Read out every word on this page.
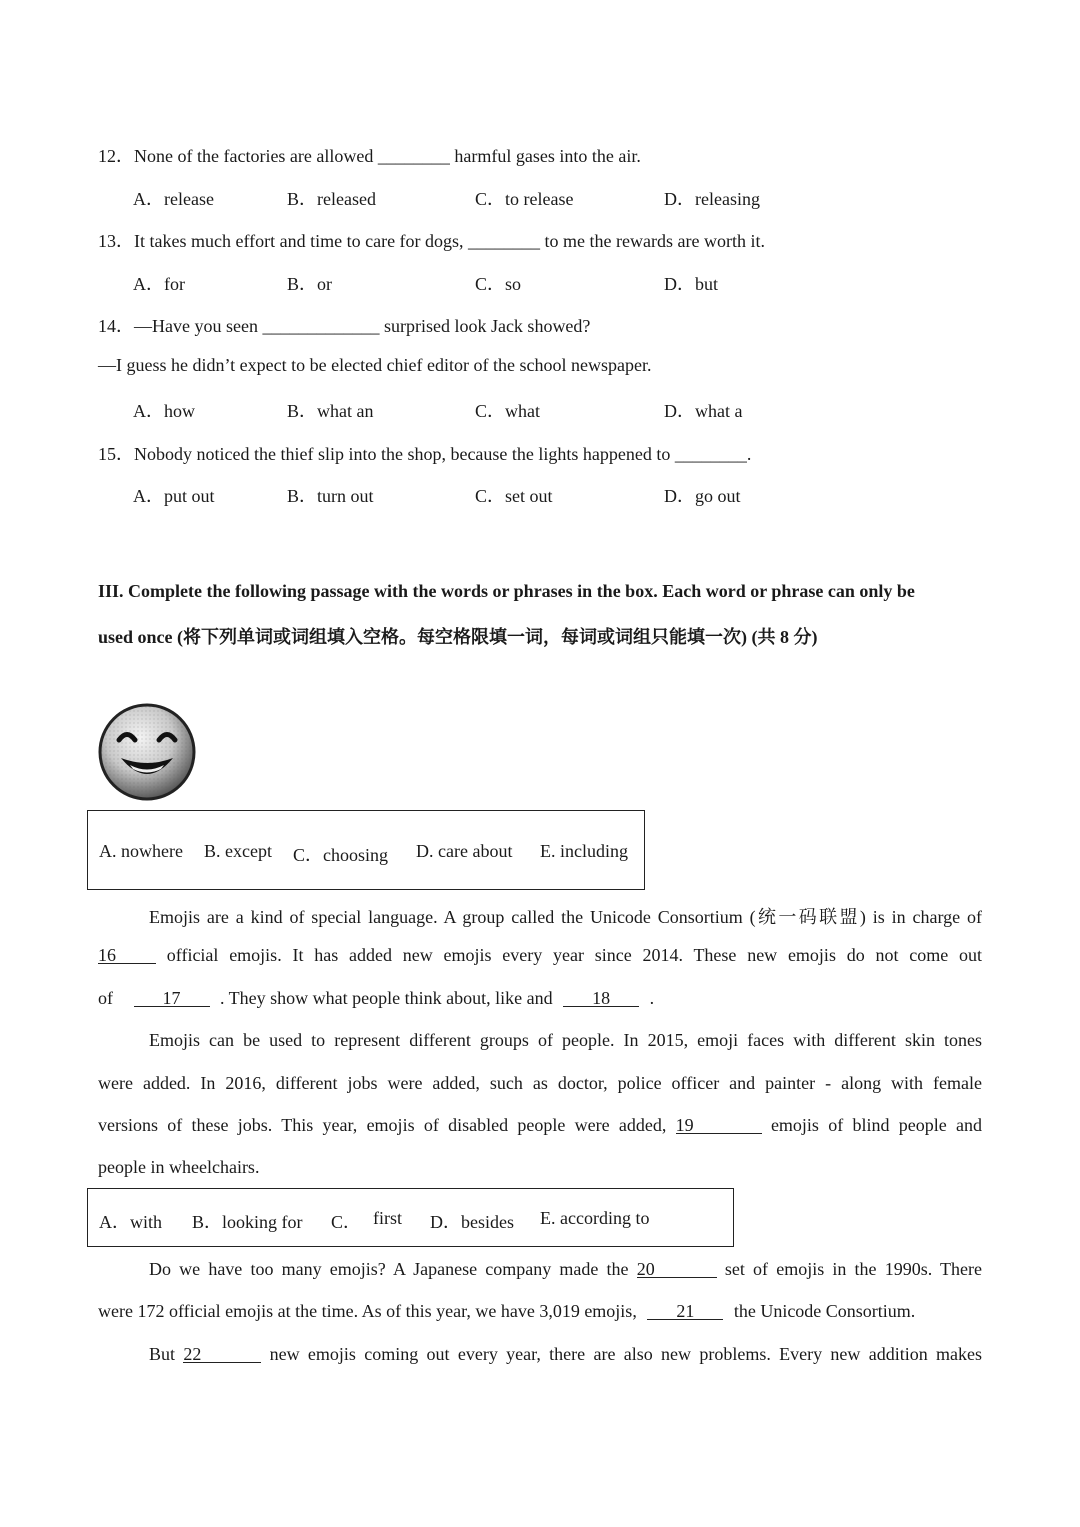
12．None of the factories are allowed ________ harmful gases into the air.
A．release	B．released	C．to release	D．releasing
13．It takes much effort and time to care for dogs, ________ to me the rewards are worth it.
A．for	B．or	C．so	D．but
14．—Have you seen _____________ surprised look Jack showed?
—I guess he didn’t expect to be elected chief editor of the school newspaper.
A．how	B．what an	C．what	D．what a
15．Nobody noticed the thief slip into the shop, because the lights happened to ________.
A．put out	B．turn out	C．set out	D．go out
III. Complete the following passage with the words or phrases in the box. Each word or phrase can only be
used once (将下列单词或词组填入空格。每空格限填一词，每词或词组只能填一次) (共 8 分)
A. nowhere B. except C．choosing D. care about E. including
Emojis are a kind of special language. A group called the Unicode Consortium (统一码联盟) is in charge of
16	official emojis. It has added new emojis every year since 2014. These new emojis do not come out
of	17 . They show what people think about, like and 18 .
Emojis can be used to represent different groups of people. In 2015, emoji faces with different skin tones
were added. In 2016, different jobs were added, such as doctor, police officer and painter - along with female
versions of these jobs. This year, emojis of disabled people were added, 19	emojis of blind people and
people in wheelchairs.
A．with B．looking for C． first D．besides E. according to
Do we have too many emojis? A Japanese company made the 20	set of emojis in the 1990s. There
were 172 official emojis at the time. As of this year, we have 3,019 emojis, 21 the Unicode Consortium.
But 22	new emojis coming out every year, there are also new problems. Every new addition makes
